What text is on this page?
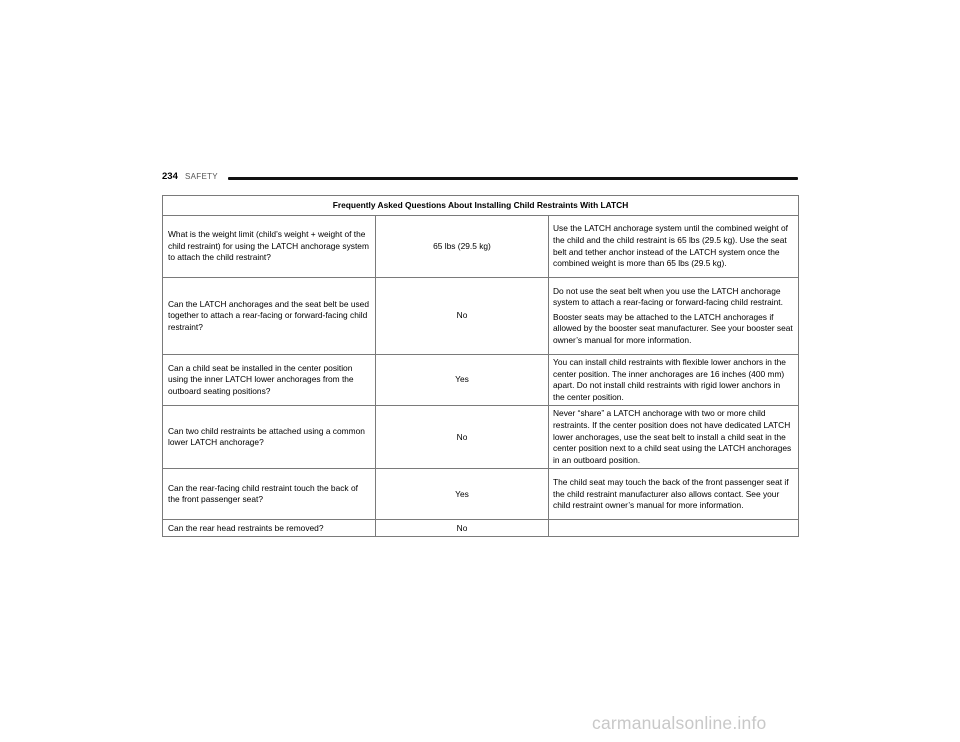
234 SAFETY
Frequently Asked Questions About Installing Child Restraints With LATCH		
What is the weight limit (child’s weight + weight of the child restraint) for using the LATCH anchorage system to attach the child restraint?	65 lbs (29.5 kg)	Use the LATCH anchorage system until the combined weight of the child and the child restraint is 65 lbs (29.5 kg). Use the seat belt and tether anchor instead of the LATCH system once the combined weight is more than 65 lbs (29.5 kg).

Can the LATCH anchorages and the seat belt be used together to attach a rear-facing or forward-facing child restraint?	No	Do not use the seat belt when you use the LATCH anchorage system to attach a rear-facing or forward-facing child restraint.

Booster seats may be attached to the LATCH anchorages if allowed by the booster seat manufacturer. See your booster seat owner’s manual for more information.

Can a child seat be installed in the center position using the inner LATCH lower anchorages from the outboard seating positions?	Yes	You can install child restraints with flexible lower anchors in the center position. The inner anchorages are 16 inches (400 mm) apart. Do not install child restraints with rigid lower anchors in the center position.

Can two child restraints be attached using a common lower LATCH anchorage?	No	Never “share” a LATCH anchorage with two or more child restraints. If the center position does not have dedicated LATCH lower anchorages, use the seat belt to install a child seat in the center position next to a child seat using the LATCH anchorages in an outboard position.

Can the rear-facing child restraint touch the back of the front passenger seat?	Yes	The child seat may touch the back of the front passenger seat if the child restraint manufacturer also allows contact. See your child restraint owner’s manual for more information.

Can the rear head restraints be removed?	No	
carmanualsonline.info
